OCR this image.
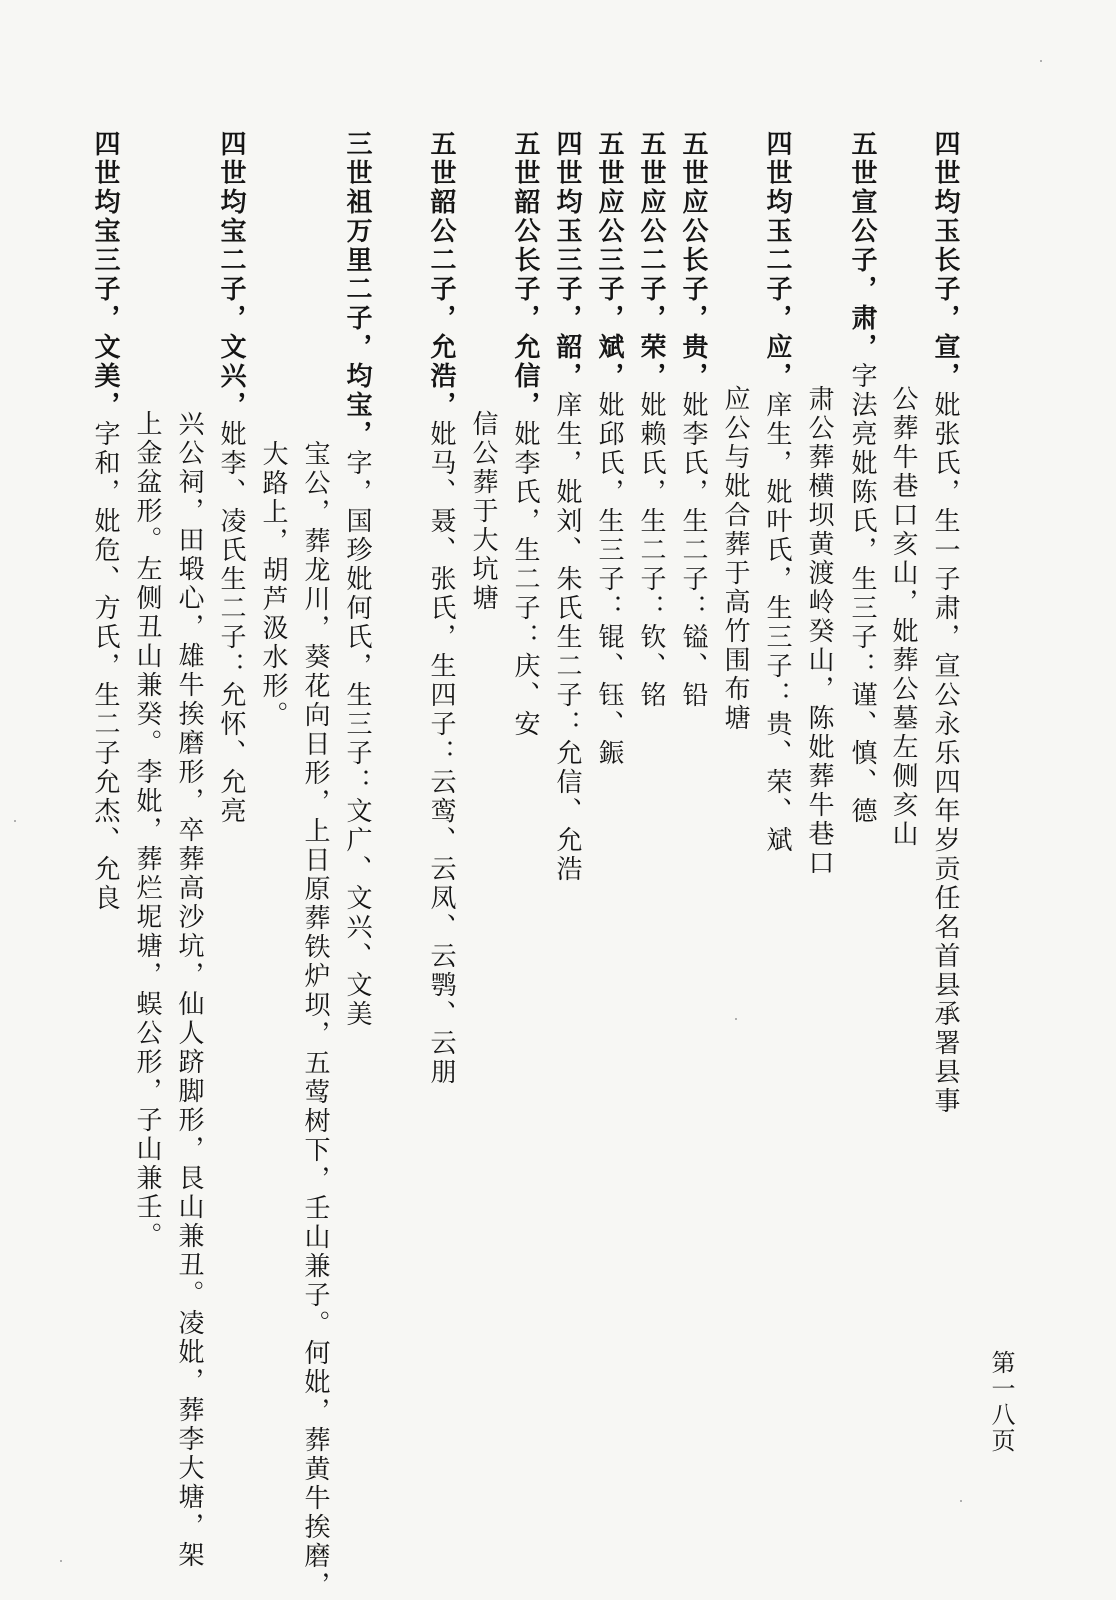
四世均玉长子，宣，妣张氏，生一子肃，宣公永乐四年岁贡任名首县承署县事
公葬牛巷口亥山，妣葬公墓左侧亥山
五世宣公子，肃，字法亮妣陈氏，生三子：谨、慎、德
肃公葬横坝黄渡岭癸山，陈妣葬牛巷口
四世均玉二子，应，庠生，妣叶氏，生三子：贵、荣、斌
应公与妣合葬于高竹围布塘
五世应公长子，贵，妣李氏，生二子：镒、铅
五世应公二子，荣，妣赖氏，生二子：钦、铭
五世应公三子，斌，妣邱氏，生三子：锟、钰、鋠
四世均玉三子，韶，庠生，妣刘、朱氏生二子：允信、允浩
五世韶公长子，允信，妣李氏，生二子：庆、安
信公葬于大坑塘
五世韶公二子，允浩，妣马、聂、张氏，生四子：云鸾、云凤、云鹗、云朋
三世祖万里二子，均宝，字，国珍妣何氏，生三子：文广、文兴、文美
宝公，葬龙川，葵花向日形，上日原葬铁炉坝，五莺树下，壬山兼子。何妣，葬黄牛挨磨，
大路上，胡芦汲水形。
四世均宝二子，文兴，妣李、凌氏生二子：允怀、允亮
兴公祠，田塅心，雄牛挨磨形，卒葬高沙坑，仙人跻脚形，艮山兼丑。凌妣，葬李大塘，架
上金盆形。左侧丑山兼癸。李妣，葬烂坭塘，蜈公形，子山兼壬。
四世均宝三子，文美，字和，妣危、方氏，生二子允杰、允良
第一八页
